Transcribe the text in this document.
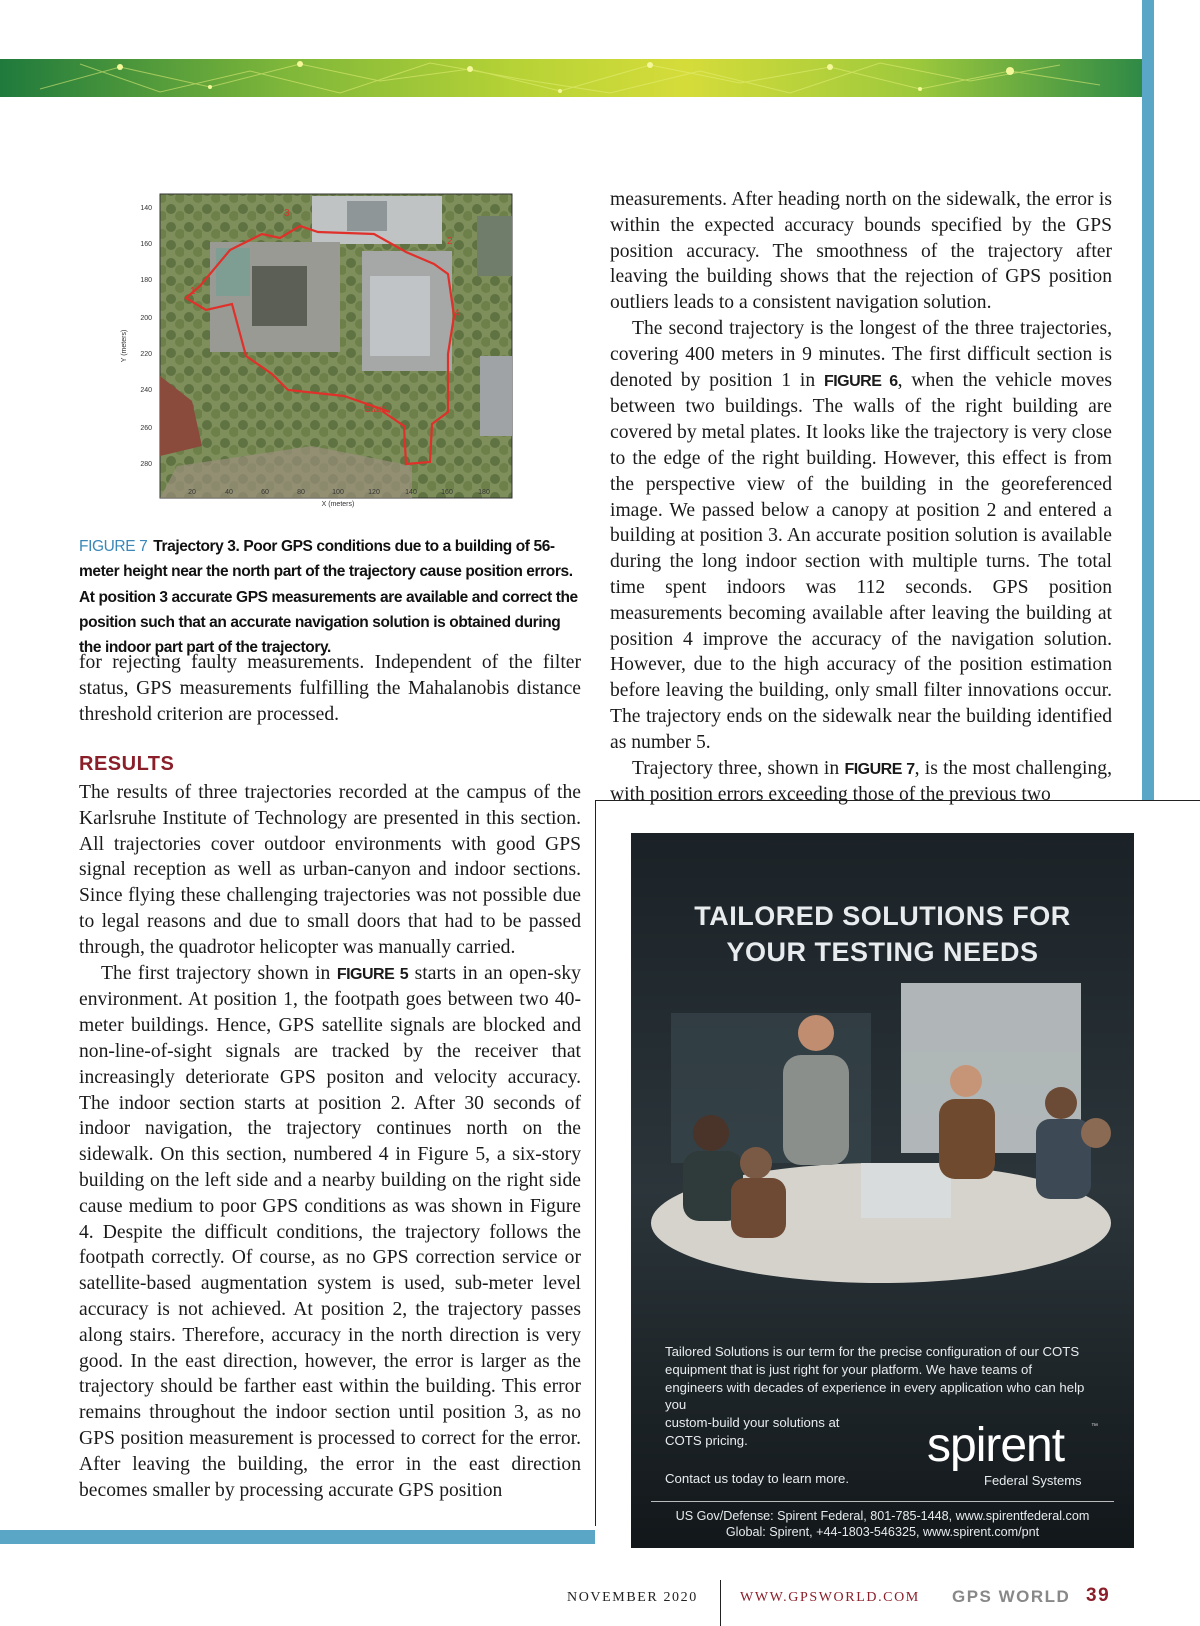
3
2
1
4
Start
140
160
180
200
220
240
260
280
20	40	60	80	100	120	140	160	180
X (meters)
Y (meters)
FIGURE 7 Trajectory 3. Poor GPS conditions due to a building of 56-meter height near the north part of the trajectory cause position errors. At position 3 accurate GPS measurements are available and correct the position such that an accurate navigation solution is obtained during the indoor part part of the trajectory.

for rejecting faulty measurements. Independent of the filter status, GPS measurements fulfilling the Mahalanobis distance threshold criterion are processed.

RESULTS

The results of three trajectories recorded at the campus of the Karlsruhe Institute of Technology are presented in this section. All trajectories cover outdoor environments with good GPS signal reception as well as urban-canyon and indoor sections. Since flying these challenging trajectories was not possible due to legal reasons and due to small doors that had to be passed through, the quadrotor helicopter was manually carried.

The first trajectory shown in FIGURE 5 starts in an open-sky environment. At position 1, the footpath goes between two 40-meter buildings. Hence, GPS satellite signals are blocked and non-line-of-sight signals are tracked by the receiver that increasingly deteriorate GPS positon and velocity accuracy. The indoor section starts at position 2. After 30 seconds of indoor navigation, the trajectory continues north on the sidewalk. On this section, numbered 4 in Figure 5, a six-story building on the left side and a nearby building on the right side cause medium to poor GPS conditions as was shown in Figure 4. Despite the difficult conditions, the trajectory follows the footpath correctly. Of course, as no GPS correction service or satellite-based augmentation system is used, sub-meter level accuracy is not achieved. At position 2, the trajectory passes along stairs. Therefore, accuracy in the north direction is very good. In the east direction, however, the error is larger as the trajectory should be farther east within the building. This error remains throughout the indoor section until position 3, as no GPS position measurement is processed to correct for the error. After leaving the building, the error in the east direction becomes smaller by processing accurate GPS position

measurements. After heading north on the sidewalk, the error is within the expected accuracy bounds specified by the GPS position accuracy. The smoothness of the trajectory after leaving the building shows that the rejection of GPS position outliers leads to a consistent navigation solution.

The second trajectory is the longest of the three trajectories, covering 400 meters in 9 minutes. The first difficult section is denoted by position 1 in FIGURE 6, when the vehicle moves between two buildings. The walls of the right building are covered by metal plates. It looks like the trajectory is very close to the edge of the right building. However, this effect is from the perspective view of the building in the georeferenced image. We passed below a canopy at position 2 and entered a building at position 3. An accurate position solution is available during the long indoor section with multiple turns. The total time spent indoors was 112 seconds. GPS position measurements becoming available after leaving the building at position 4 improve the accuracy of the navigation solution. However, due to the high accuracy of the position estimation before leaving the building, only small filter innovations occur. The trajectory ends on the sidewalk near the building identified as number 5.

Trajectory three, shown in FIGURE 7, is the most challenging, with position errors exceeding those of the previous two

TAILORED SOLUTIONS FOR
YOUR TESTING NEEDS
Tailored Solutions is our term for the precise configuration of our COTS equipment that is just right for your platform. We have teams of engineers with decades of experience in every application who can help you
custom-build your solutions at
COTS pricing.	spirent	™
Federal Systems
Contact us today to learn more.
US Gov/Defense: Spirent Federal, 801-785-1448, www.spirentfederal.com
Global: Spirent, +44-1803-546325, www.spirent.com/pnt
NOVEMBER 2020	WWW.GPSWORLD.COM GPS WORLD 39
